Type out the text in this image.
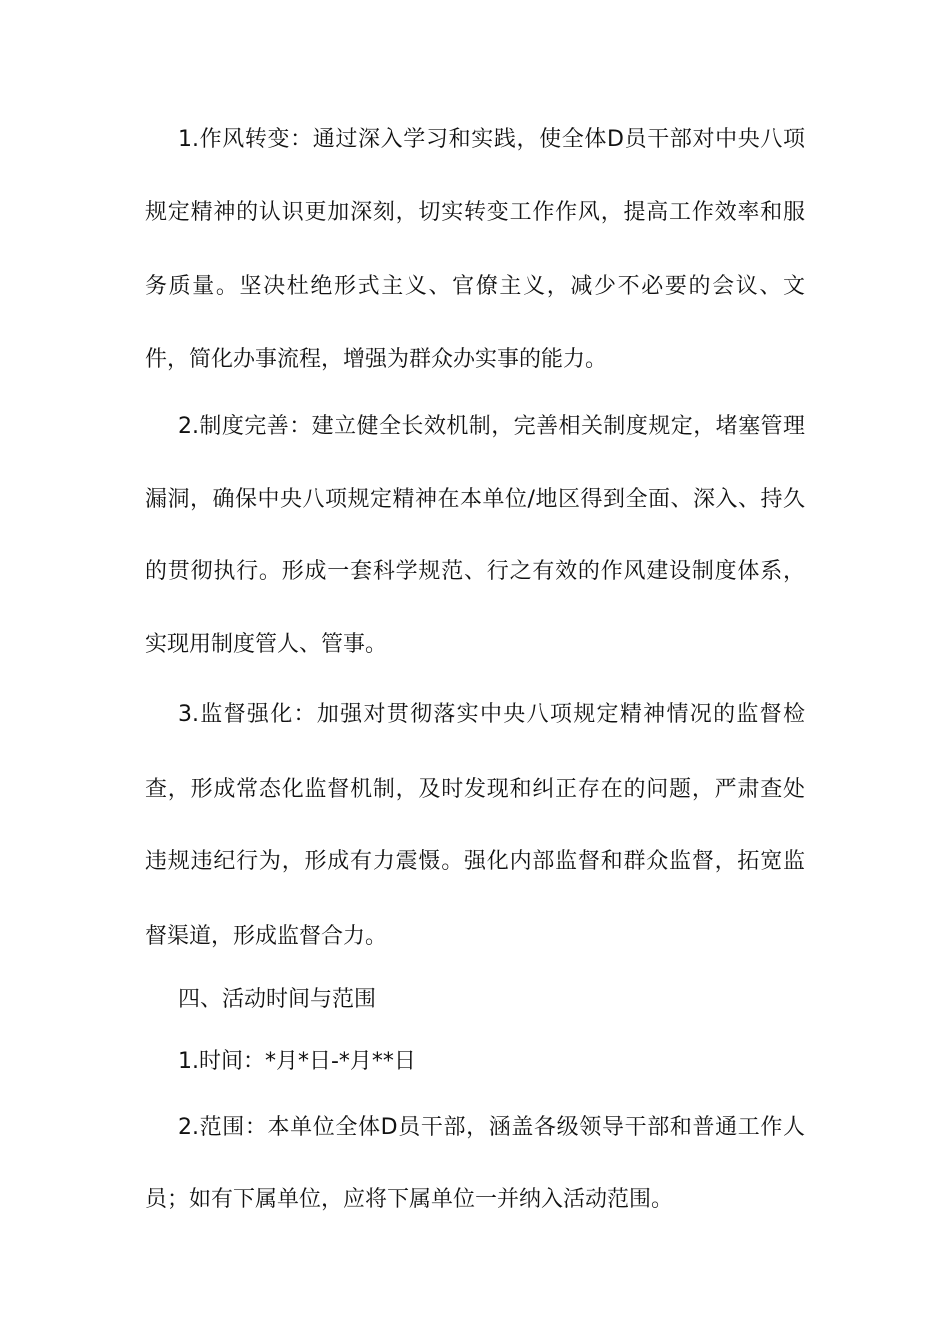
1.作风转变：通过深入学习和实践，使全体D员干部对中央八项
规定精神的认识更加深刻，切实转变工作作风，提高工作效率和服
务质量。坚决杜绝形式主义、官僚主义，减少不必要的会议、文
件，简化办事流程，增强为群众办实事的能力。
2.制度完善：建立健全长效机制，完善相关制度规定，堵塞管理
漏洞，确保中央八项规定精神在本单位/地区得到全面、深入、持久
的贯彻执行。形成一套科学规范、行之有效的作风建设制度体系，
实现用制度管人、管事。
3.监督强化：加强对贯彻落实中央八项规定精神情况的监督检
查，形成常态化监督机制，及时发现和纠正存在的问题，严肃查处
违规违纪行为，形成有力震慑。强化内部监督和群众监督，拓宽监
督渠道，形成监督合力。
四、活动时间与范围
1.时间：*月*日-*月**日
2.范围：本单位全体D员干部，涵盖各级领导干部和普通工作人
员；如有下属单位，应将下属单位一并纳入活动范围。
